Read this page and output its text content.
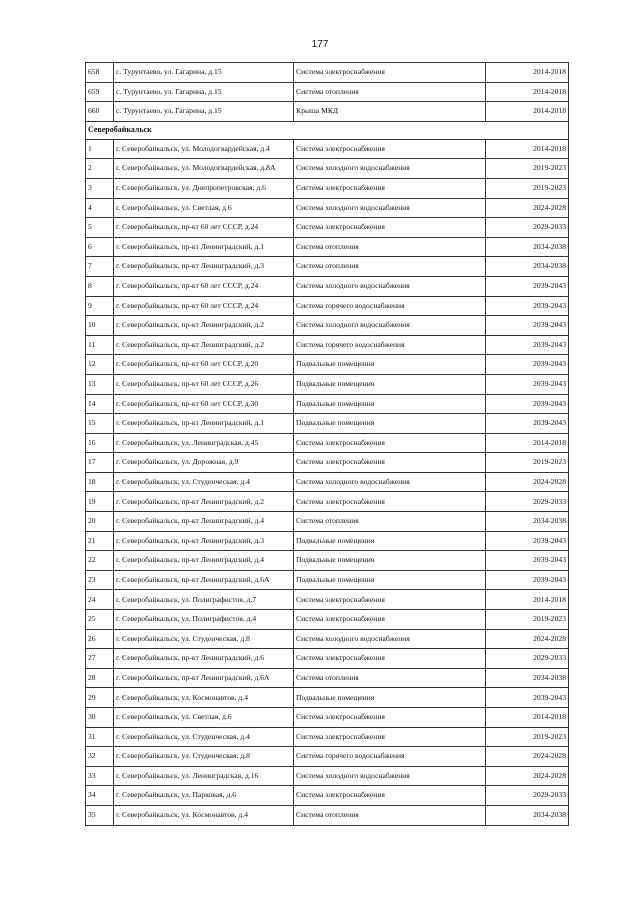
177
658	с. Турунтаево, ул. Гагарина, д.15	Система электроснабжения	2014-2018
659	с. Турунтаево, ул. Гагарина, д.15	Система отопления	2014-2018
660	с. Турунтаево, ул. Гагарина, д.15	Крыша МКД	2014-2018
Северобайкальск			
1	г. Северобайкальск, ул. Молодогвардейская, д.4	Система электроснабжения	2014-2018
2	г. Северобайкальск, ул. Молодогвардейская, д.8А	Система холодного водоснабжения	2019-2023
3	г. Северобайкальск, ул. Днепропетровская, д.6	Система электроснабжения	2019-2023
4	г. Северобайкальск, ул. Светлая, д.6	Система холодного водоснабжения	2024-2028
5	г. Северобайкальск, пр-кт 60 лет СССР, д.24	Система электроснабжения	2029-2033
6	г. Северобайкальск, пр-кт Ленинградский, д.1	Система отопления	2034-2038
7	г. Северобайкальск, пр-кт Ленинградский, д.3	Система отопления	2034-2038
8	г. Северобайкальск, пр-кт 60 лет СССР, д.24	Система холодного водоснабжения	2039-2043
9	г. Северобайкальск, пр-кт 60 лет СССР, д.24	Система горячего водоснабжения	2039-2043
10	г. Северобайкальск, пр-кт Ленинградский, д.2	Система холодного водоснабжения	2039-2043
11	г. Северобайкальск, пр-кт Ленинградский, д.2	Система горячего водоснабжения	2039-2043
12	г. Северобайкальск, пр-кт 60 лет СССР, д.20	Подвальные помещения	2039-2043
13	г. Северобайкальск, пр-кт 60 лет СССР, д.26	Подвальные помещения	2039-2043
14	г. Северобайкальск, пр-кт 60 лет СССР, д.30	Подвальные помещения	2039-2043
15	г. Северобайкальск, пр-кт Ленинградский, д.1	Подвальные помещения	2039-2043
16	г. Северобайкальск, ул. Ленинградская, д.45	Система электроснабжения	2014-2018
17	г. Северобайкальск, ул. Дорожная, д.9	Система электроснабжения	2019-2023
18	г. Северобайкальск, ул. Студенческая, д.4	Система холодного водоснабжения	2024-2028
19	г. Северобайкальск, пр-кт Ленинградский, д.2	Система электроснабжения	2029-2033
20	г. Северобайкальск, пр-кт Ленинградский, д.4	Система отопления	2034-2038
21	г. Северобайкальск, пр-кт Ленинградский, д.3	Подвальные помещения	2039-2043
22	г. Северобайкальск, пр-кт Ленинградский, д.4	Подвальные помещения	2039-2043
23	г. Северобайкальск, пр-кт Ленинградский, д.6А	Подвальные помещения	2039-2043
24	г. Северобайкальск, ул. Полиграфистов, д.7	Система электроснабжения	2014-2018
25	г. Северобайкальск, ул. Полиграфистов, д.4	Система электроснабжения	2019-2023
26	г. Северобайкальск, ул. Студенческая, д.8	Система холодного водоснабжения	2024-2028
27	г. Северобайкальск, пр-кт Ленинградский, д.6	Система электроснабжения	2029-2033
28	г. Северобайкальск, пр-кт Ленинградский, д.6А	Система отопления	2034-2038
29	г. Северобайкальск, ул. Космонавтов, д.4	Подвальные помещения	2039-2043
30	г. Северобайкальск, ул. Светлая, д.6	Система электроснабжения	2014-2018
31	г. Северобайкальск, ул. Студенческая, д.4	Система электроснабжения	2019-2023
32	г. Северобайкальск, ул. Студенческая, д.8	Система горячего водоснабжения	2024-2028
33	г. Северобайкальск, ул. Ленинградская, д.16	Система холодного водоснабжения	2024-2028
34	г. Северобайкальск, ул. Парковая, д.6	Система электроснабжения	2029-2033
35	г. Северобайкальск, ул. Космонавтов, д.4	Система отопления	2034-2038
